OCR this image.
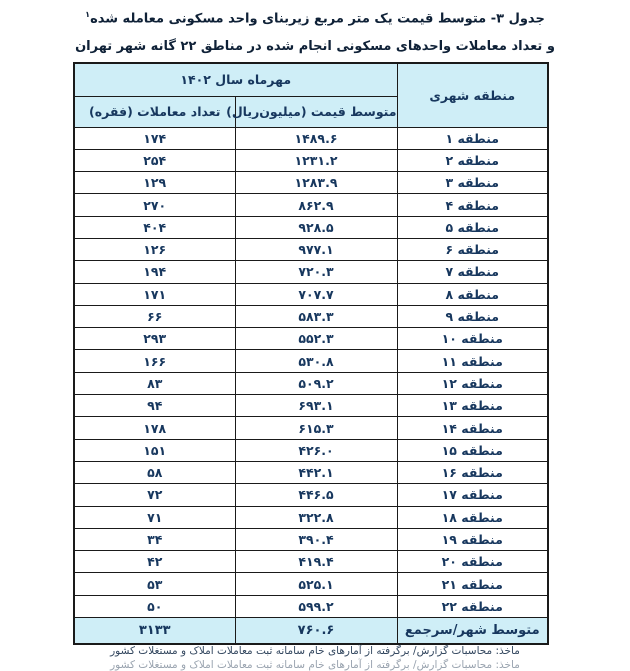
جدول ۳- متوسط قیمت یک متر مربع زیربنای واحد مسکونی معامله شده$^۱$
و تعداد معاملات واحدهای مسکونی انجام شده در مناطق ۲۲ گانه شهر تهران
منطقه شهری	مهرماه سال ۱۴۰۲	
	متوسط قیمت (میلیون‌ریال)	تعداد معاملات (فقره)
منطقه ۱	۱۴۸۹.۶	۱۷۴
منطقه ۲	۱۲۳۱.۲	۲۵۴
منطقه ۳	۱۲۸۳.۹	۱۲۹
منطقه ۴	۸۶۲.۹	۲۷۰
منطقه ۵	۹۲۸.۵	۴۰۴
منطقه ۶	۹۷۷.۱	۱۲۶
منطقه ۷	۷۲۰.۳	۱۹۴
منطقه ۸	۷۰۷.۷	۱۷۱
منطقه ۹	۵۸۳.۳	۶۶
منطقه ۱۰	۵۵۲.۳	۲۹۳
منطقه ۱۱	۵۳۰.۸	۱۶۶
منطقه ۱۲	۵۰۹.۲	۸۳
منطقه ۱۳	۶۹۳.۱	۹۴
منطقه ۱۴	۶۱۵.۳	۱۷۸
منطقه ۱۵	۴۲۶.۰	۱۵۱
منطقه ۱۶	۴۴۲.۱	۵۸
منطقه ۱۷	۴۴۶.۵	۷۲
منطقه ۱۸	۳۲۲.۸	۷۱
منطقه ۱۹	۳۹۰.۴	۳۴
منطقه ۲۰	۴۱۹.۴	۴۲
منطقه ۲۱	۵۲۵.۱	۵۳
منطقه ۲۲	۵۹۹.۲	۵۰
متوسط شهر/سرجمع	۷۶۰.۶	۳۱۳۳
ماخذ: محاسبات گزارش/ برگرفته از آمارهای خام سامانه ثبت معاملات املاک و مستغلات کشور
ماخذ: محاسبات گزارش/ برگرفته از آمارهای خام سامانه ثبت معاملات املاک و مستغلات کشور
